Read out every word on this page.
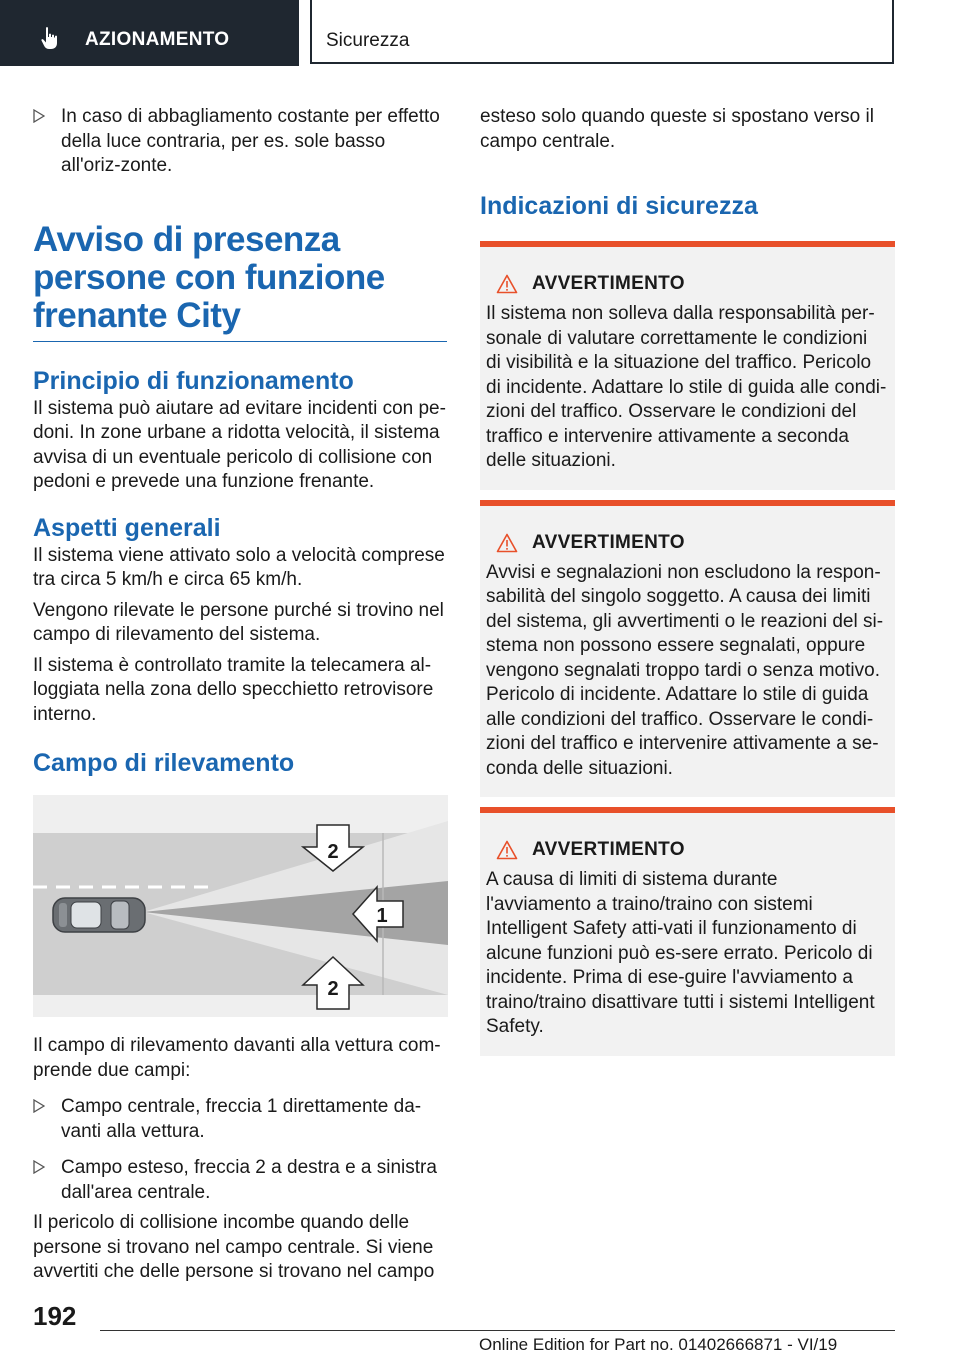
AZIONAMENTO	Sicurezza
In caso di abbagliamento costante per effetto della luce contraria, per es. sole basso all'oriz-zonte.
Avviso di presenza persone con funzione frenante City
Principio di funzionamento

Il sistema può aiutare ad evitare incidenti con pe-doni. In zone urbane a ridotta velocità, il sistema avvisa di un eventuale pericolo di collisione con pedoni e prevede una funzione frenante.

Aspetti generali

Il sistema viene attivato solo a velocità comprese tra circa 5 km/h e circa 65 km/h.

Vengono rilevate le persone purché si trovino nel campo di rilevamento del sistema.

Il sistema è controllato tramite la telecamera al-loggiata nella zona dello specchietto retrovisore interno.

Campo di rilevamento
2
1
2

Il campo di rilevamento davanti alla vettura com-prende due campi:

Campo centrale, freccia 1 direttamente da-vanti alla vettura.
Campo esteso, freccia 2 a destra e a sinistra dall'area centrale.

Il pericolo di collisione incombe quando delle persone si trovano nel campo centrale. Si viene avvertiti che delle persone si trovano nel campo

esteso solo quando queste si spostano verso il campo centrale.

Indicazioni di sicurezza
AVVERTIMENTO

Il sistema non solleva dalla responsabilità per-sonale di valutare correttamente le condizioni di visibilità e la situazione del traffico. Pericolo di incidente. Adattare lo stile di guida alle condi-zioni del traffico. Osservare le condizioni del traffico e intervenire attivamente a seconda delle situazioni.

AVVERTIMENTO

Avvisi e segnalazioni non escludono la respon-sabilità del singolo soggetto. A causa dei limiti del sistema, gli avvertimenti o le reazioni del si-stema non possono essere segnalati, oppure vengono segnalati troppo tardi o senza motivo. Pericolo di incidente. Adattare lo stile di guida alle condizioni del traffico. Osservare le condi-zioni del traffico e intervenire attivamente a se-conda delle situazioni.

AVVERTIMENTO

A causa di limiti di sistema durante l'avviamento a traino/traino con sistemi Intelligent Safety atti-vati il funzionamento di alcune funzioni può es-sere errato. Pericolo di incidente. Prima di ese-guire l'avviamento a traino/traino disattivare tutti i sistemi Intelligent Safety.

192
Online Edition for Part no. 01402666871 - VI/19
